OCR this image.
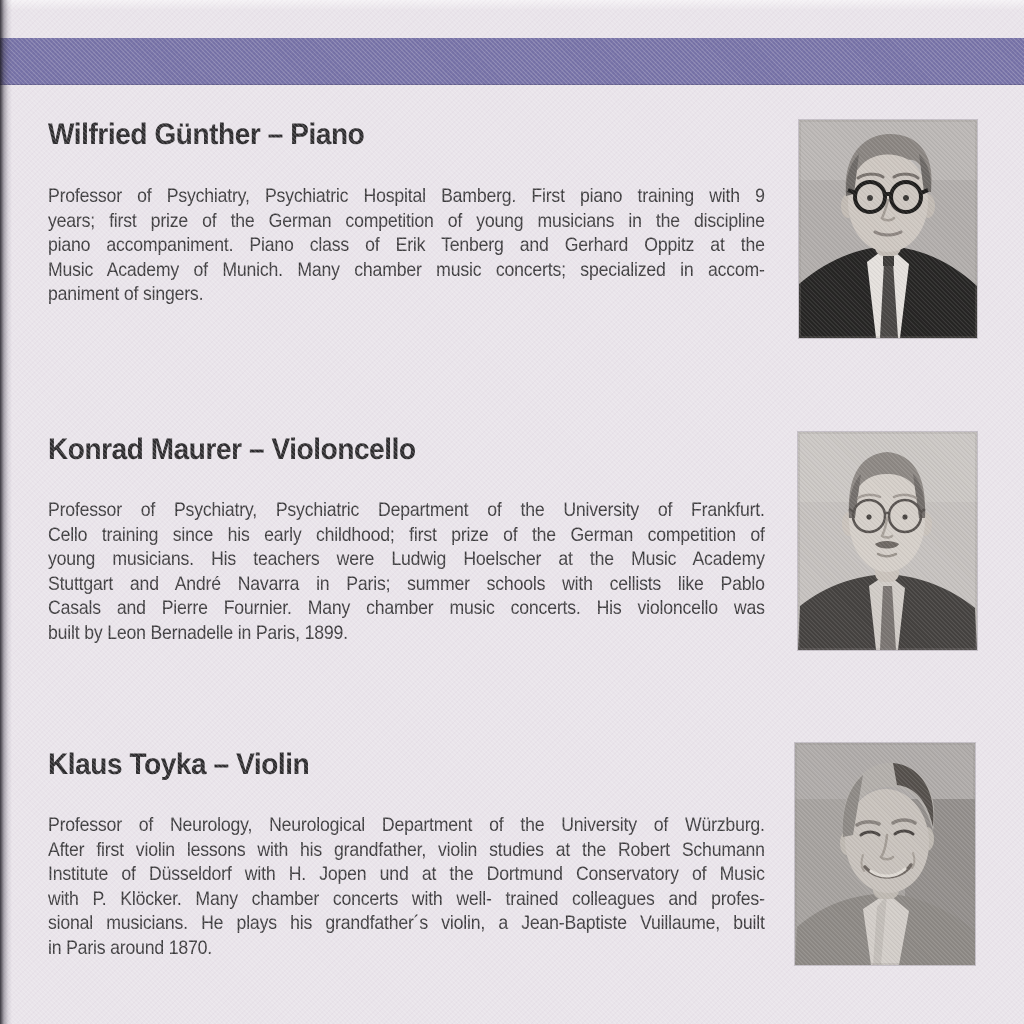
Wilfried Günther – Piano
Professor of Psychiatry, Psychiatric Hospital Bamberg. First piano training with 9
years; first prize of the German competition of young musicians in the discipline
piano accompaniment. Piano class of Erik Tenberg and Gerhard Oppitz at the
Music Academy of Munich. Many chamber music concerts; specialized in accom-
paniment of singers.
Konrad Maurer – Violoncello
Professor of Psychiatry, Psychiatric Department of the University of Frankfurt.
Cello training since his early childhood; first prize of the German competition of
young musicians. His teachers were Ludwig Hoelscher at the Music Academy
Stuttgart and André Navarra in Paris; summer schools with cellists like Pablo
Casals and Pierre Fournier. Many chamber music concerts. His violoncello was
built by Leon Bernadelle in Paris, 1899.
Klaus Toyka – Violin
Professor of Neurology, Neurological Department of the University of Würzburg.
After first violin lessons with his grandfather, violin studies at the Robert Schumann
Institute of Düsseldorf with H. Jopen und at the Dortmund Conservatory of Music
with P. Klöcker. Many chamber concerts with well- trained colleagues and profes-
sional musicians. He plays his grandfather´s violin, a Jean-Baptiste Vuillaume, built
in Paris around 1870.
